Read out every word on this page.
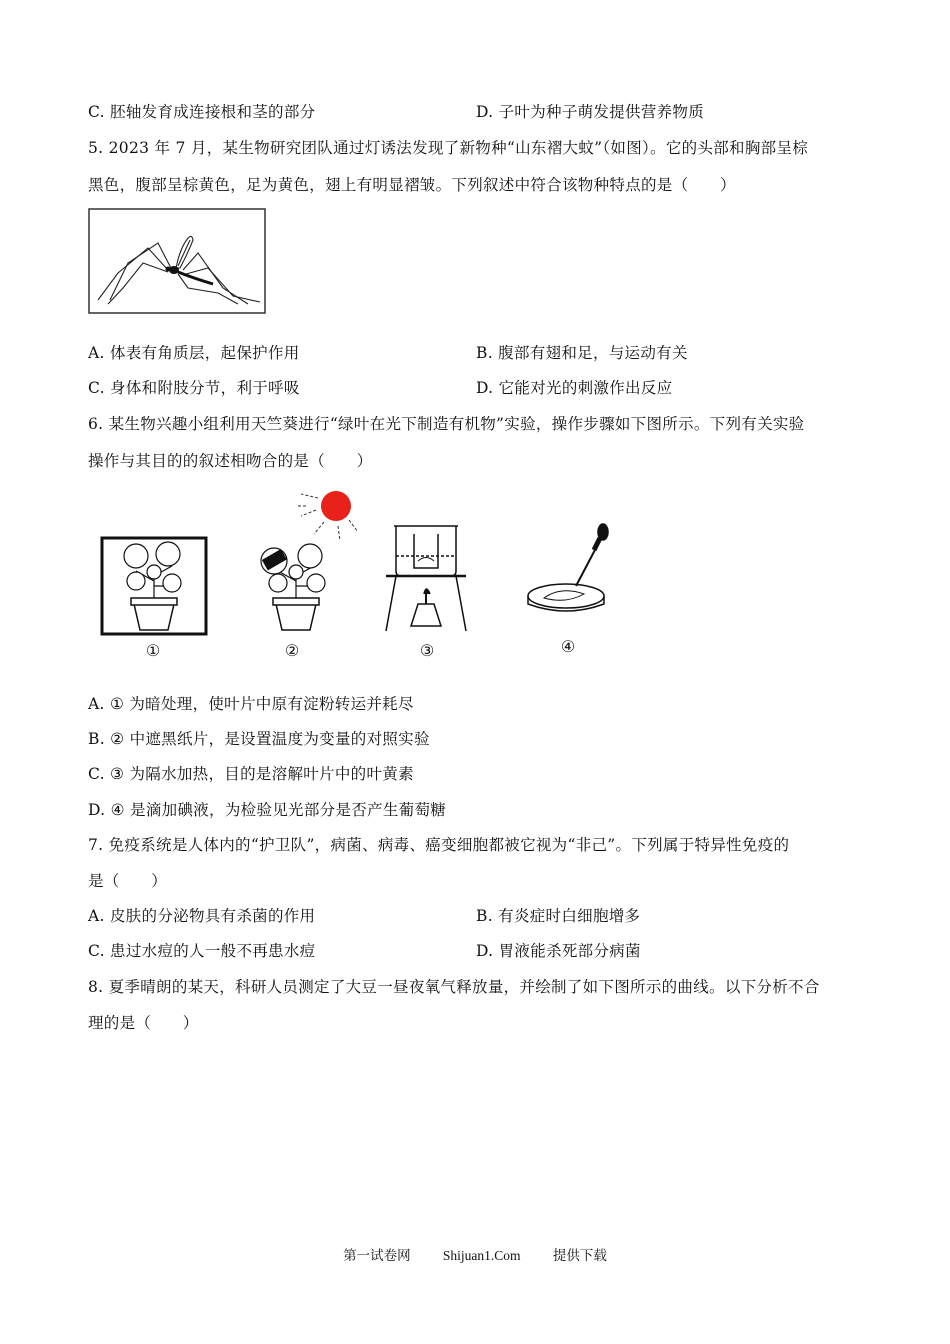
C. 胚轴发育成连接根和茎的部分	D. 子叶为种子萌发提供营养物质
5. 2023 年 7 月，某生物研究团队通过灯诱法发现了新物种“山东褶大蚊”（如图）。它的头部和胸部呈棕
黑色，腹部呈棕黄色，足为黄色，翅上有明显褶皱。下列叙述中符合该物种特点的是（　　）
A. 体表有角质层，起保护作用	B. 腹部有翅和足，与运动有关
C. 身体和附肢分节，利于呼吸	D. 它能对光的刺激作出反应
6. 某生物兴趣小组利用天竺葵进行“绿叶在光下制造有机物”实验，操作步骤如下图所示。下列有关实验
操作与其目的的叙述相吻合的是（　　）
①	②	③	④
A. ① 为暗处理，使叶片中原有淀粉转运并耗尽
B. ② 中遮黑纸片，是设置温度为变量的对照实验
C. ③ 为隔水加热，目的是溶解叶片中的叶黄素
D. ④ 是滴加碘液，为检验见光部分是否产生葡萄糖
7. 免疫系统是人体内的“护卫队”，病菌、病毒、癌变细胞都被它视为“非己”。下列属于特异性免疫的
是（　　）
A. 皮肤的分泌物具有杀菌的作用	B. 有炎症时白细胞增多
C. 患过水痘的人一般不再患水痘	D. 胃液能杀死部分病菌
8. 夏季晴朗的某天，科研人员测定了大豆一昼夜氧气释放量，并绘制了如下图所示的曲线。以下分析不合
理的是（　　）
第一试卷网 Shijuan1.Com 提供下载
